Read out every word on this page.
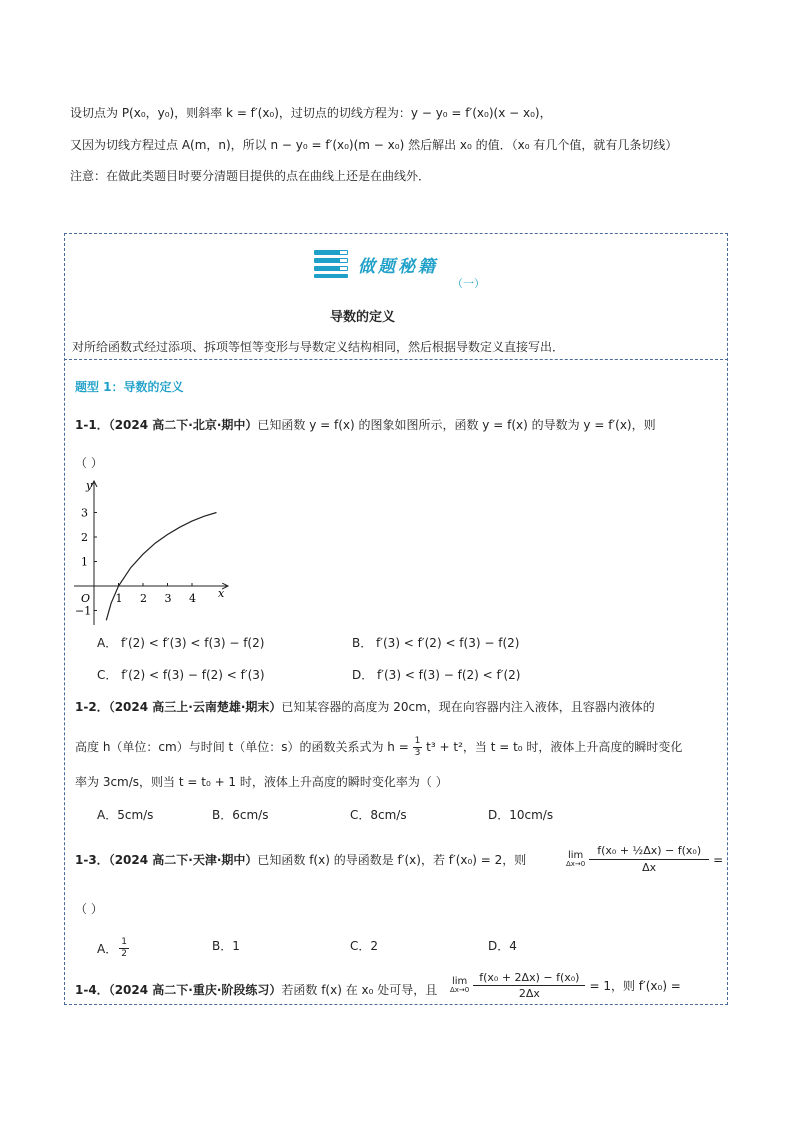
设切点为 P(x₀，y₀)，则斜率 k = f′(x₀)，过切点的切线方程为：y − y₀ = f′(x₀)(x − x₀)，
又因为切线方程过点 A(m，n)，所以 n − y₀ = f′(x₀)(m − x₀) 然后解出 x₀ 的值．（x₀ 有几个值，就有几条切线）
注意：在做此类题目时要分清题目提供的点在曲线上还是在曲线外．
做题秘籍
（一）
导数的定义
对所给函数式经过添项、拆项等恒等变形与导数定义结构相同，然后根据导数定义直接写出．
题型 1：导数的定义
1-1．（2024 高二下·北京·期中）已知函数 y = f(x) 的图象如图所示，函数 y = f(x) 的导数为 y = f′(x)，则
（ ）
1 2 3 4
3
2
1
−1
y
x
O
A． f′(2) < f′(3) < f(3) − f(2)	B． f′(3) < f′(2) < f(3) − f(2)
C． f′(2) < f(3) − f(2) < f′(3)	D． f′(3) < f(3) − f(2) < f′(2)
1-2．（2024 高三上·云南楚雄·期末）已知某容器的高度为 20cm，现在向容器内注入液体，且容器内液体的
高度 h（单位：cm）与时间 t（单位：s）的函数关系式为 $h = \frac{1}{3} t^3 + t^2$，当 t = t₀ 时，液体上升高度的瞬时变化
率为 3cm/s，则当 t = t₀ + 1 时，液体上升高度的瞬时变化率为（ ）
A．5cm/s	B．6cm/s	C．8cm/s	D．10cm/s
1-3．（2024 高二下·天津·期中）已知函数 f(x) 的导函数是 f′(x)，若 f′(x₀) = 2，则	lim
$\Delta x\to 0 \frac{\text{f(x₀ + ½Δx) − f(x₀)}}{\Delta x}$ =
（ ）
A． $\frac{1}{2}$	B．1	C．2	D．4
1-4．（2024 高二下·重庆·阶段练习）若函数 f(x) 在 x₀ 处可导，且
lim
$\Delta x\to 0 \frac{\text{f(x₀ + 2Δx) − f(x₀)}}{2\Delta x} = 1$，则 f′(x₀) =
